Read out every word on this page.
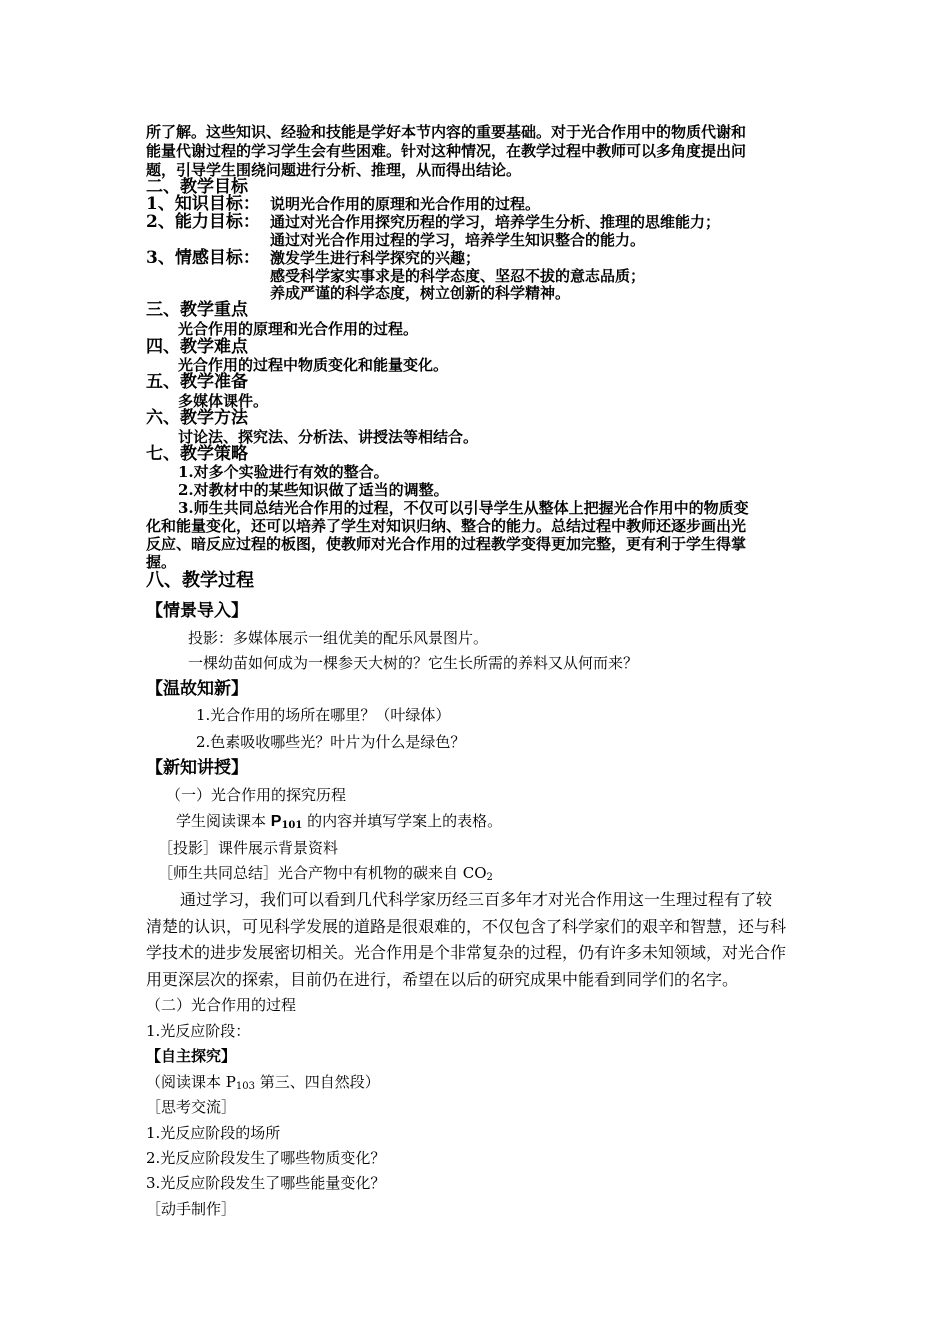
所了解。这些知识、经验和技能是学好本节内容的重要基础。对于光合作用中的物质代谢和
能量代谢过程的学习学生会有些困难。针对这种情况，在教学过程中教师可以多角度提出问
题，引导学生围绕问题进行分析、推理，从而得出结论。
二、教学目标
1、知识目标： 说明光合作用的原理和光合作用的过程。
2、能力目标： 通过对光合作用探究历程的学习，培养学生分析、推理的思维能力；
通过对光合作用过程的学习，培养学生知识整合的能力。
3、情感目标： 激发学生进行科学探究的兴趣；
感受科学家实事求是的科学态度、坚忍不拔的意志品质；
养成严谨的科学态度，树立创新的科学精神。
三、教学重点
光合作用的原理和光合作用的过程。
四、教学难点
光合作用的过程中物质变化和能量变化。
五、教学准备
多媒体课件。
六、教学方法
讨论法、探究法、分析法、讲授法等相结合。
七、教学策略
1.对多个实验进行有效的整合。
2.对教材中的某些知识做了适当的调整。
3.师生共同总结光合作用的过程，不仅可以引导学生从整体上把握光合作用中的物质变
化和能量变化，还可以培养了学生对知识归纳、整合的能力。总结过程中教师还逐步画出光
反应、暗反应过程的板图，使教师对光合作用的过程教学变得更加完整，更有利于学生得掌
握。
八、教学过程
【情景导入】
投影：多媒体展示一组优美的配乐风景图片。
一棵幼苗如何成为一棵参天大树的？它生长所需的养料又从何而来？
【温故知新】
1.光合作用的场所在哪里？（叶绿体）
2.色素吸收哪些光？叶片为什么是绿色？
【新知讲授】
（一）光合作用的探究历程
学生阅读课本 P101 的内容并填写学案上的表格。
［投影］课件展示背景资料
［师生共同总结］光合产物中有机物的碳来自 CO2
通过学习，我们可以看到几代科学家历经三百多年才对光合作用这一生理过程有了较
清楚的认识，可见科学发展的道路是很艰难的，不仅包含了科学家们的艰辛和智慧，还与科
学技术的进步发展密切相关。光合作用是个非常复杂的过程，仍有许多未知领域，对光合作
用更深层次的探索，目前仍在进行，希望在以后的研究成果中能看到同学们的名字。
（二）光合作用的过程
1.光反应阶段：
【自主探究】
（阅读课本 P103 第三、四自然段）
［思考交流］
1.光反应阶段的场所
2.光反应阶段发生了哪些物质变化？
3.光反应阶段发生了哪些能量变化？
［动手制作］
